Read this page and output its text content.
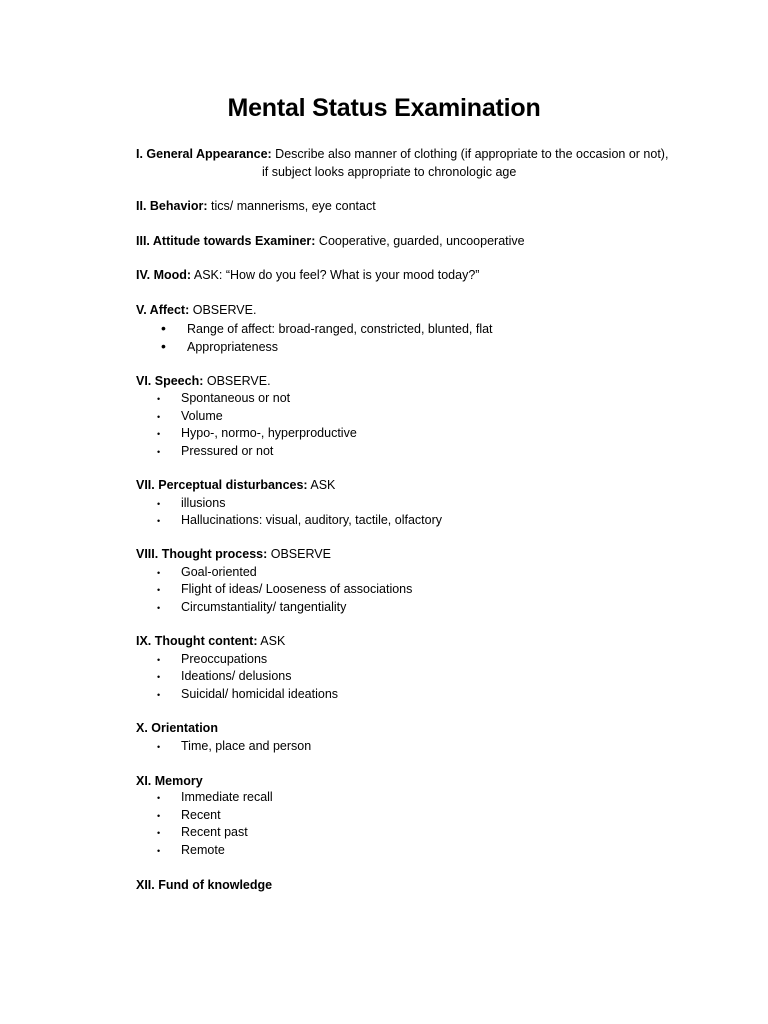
Mental Status Examination
I. General Appearance: Describe also manner of clothing (if appropriate to the occasion or not),
if subject looks appropriate to chronologic age
II. Behavior: tics/ mannerisms, eye contact
III. Attitude towards Examiner: Cooperative, guarded, uncooperative
IV. Mood: ASK: “How do you feel? What is your mood today?”
V. Affect: OBSERVE.
• Range of affect: broad-ranged, constricted, blunted, flat
• Appropriateness
VI. Speech: OBSERVE.
• Spontaneous or not
• Volume
• Hypo-, normo-, hyperproductive
• Pressured or not
VII. Perceptual disturbances: ASK
• illusions
• Hallucinations: visual, auditory, tactile, olfactory
VIII. Thought process: OBSERVE
• Goal-oriented
• Flight of ideas/ Looseness of associations
• Circumstantiality/ tangentiality
IX. Thought content: ASK
• Preoccupations
• Ideations/ delusions
• Suicidal/ homicidal ideations
X. Orientation
• Time, place and person
XI. Memory
• Immediate recall
• Recent
• Recent past
• Remote
XII. Fund of knowledge
